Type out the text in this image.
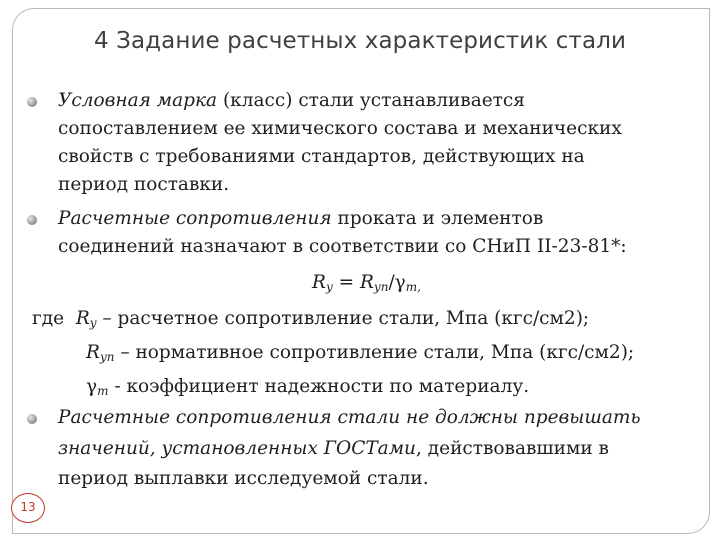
4 Задание расчетных характеристик стали
Условная марка (класс) стали устанавливается
сопоставлением ее химического состава и механических
свойств с требованиями стандартов, действующих на
период поставки.
Расчетные сопротивления проката и элементов
соединений назначают в соответствии со СНиП II-23-81*:
$R_y = R_{yn}/\gamma_{m,}$
где $R_y$ – расчетное сопротивление стали, Мпа (кгс/см2);
$R_{yn}$ – нормативное сопротивление стали, Мпа (кгс/см2);
$\gamma_m$ - коэффициент надежности по материалу.
Расчетные сопротивления стали не должны превышать
значений, установленных ГОСТами, действовавшими в
период выплавки исследуемой стали.
13
